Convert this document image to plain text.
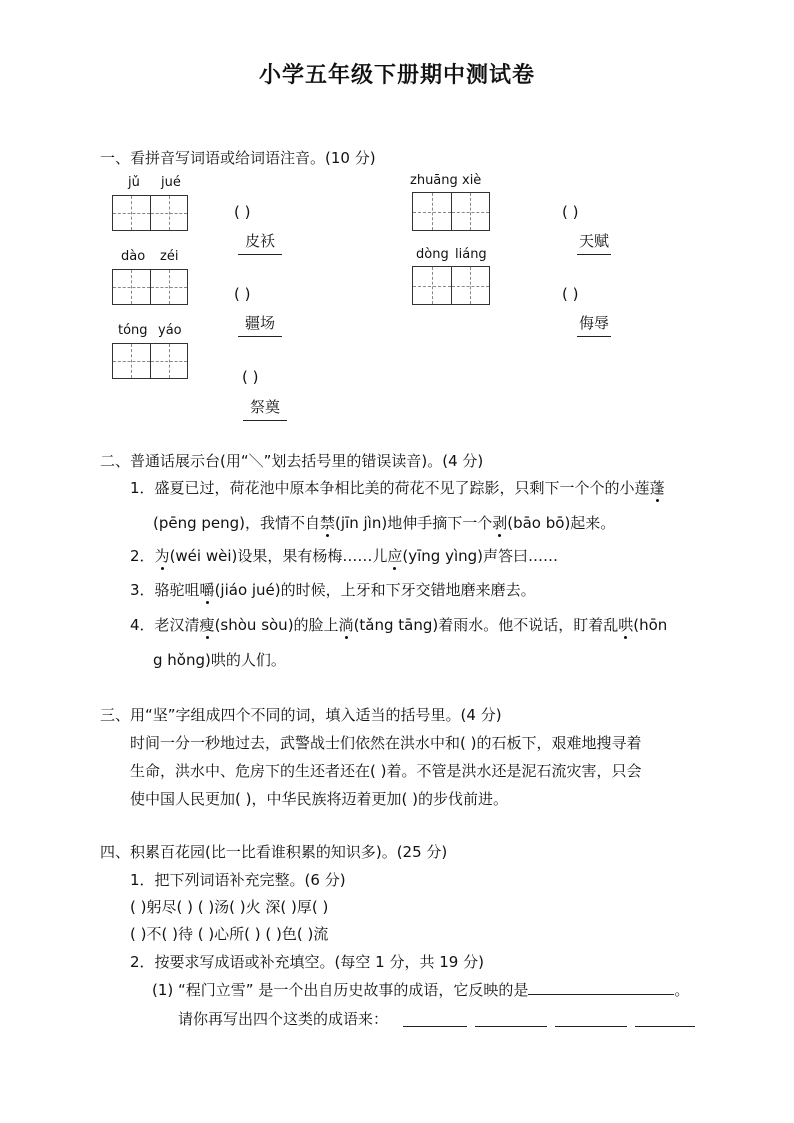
小学五年级下册期中测试卷
一、看拼音写词语或给词语注音。(10 分)
jǔ jué
dào zéi
tóng yáo
( )
皮袄
( )
疆场
( )
祭奠
zhuāng xiè
dòng liáng
( )
天赋
( )
侮辱
二、普通话展示台(用“＼”划去括号里的错误读音)。(4 分)
1．盛夏已过，荷花池中原本争相比美的荷花不见了踪影，只剩下一个个的小莲蓬
(pēng peng)，我情不自禁(jīn jìn)地伸手摘下一个剥(bāo bō)起来。
2．为(wéi wèi)设果，果有杨梅……儿应(yīng yìng)声答曰……
3．骆驼咀嚼(jiáo jué)的时候，上牙和下牙交错地磨来磨去。
4．老汉清瘦(shòu sòu)的脸上淌(tǎng tāng)着雨水。他不说话，盯着乱哄(hōn
g hǒng)哄的人们。
三、用“坚”字组成四个不同的词，填入适当的括号里。(4 分)
时间一分一秒地过去，武警战士们依然在洪水中和( )的石板下，艰难地搜寻着
生命，洪水中、危房下的生还者还在( )着。不管是洪水还是泥石流灾害，只会
使中国人民更加( )，中华民族将迈着更加( )的步伐前进。
四、积累百花园(比一比看谁积累的知识多)。(25 分)
1．把下列词语补充完整。(6 分)
( )躬尽( ) ( )汤( )火 深( )厚( )
( )不( )待 ( )心所( ) ( )色( )流
2．按要求写成语或补充填空。(每空 1 分，共 19 分)
(1) “程门立雪” 是一个出自历史故事的成语，它反映的是	。
请你再写出四个这类的成语来：
